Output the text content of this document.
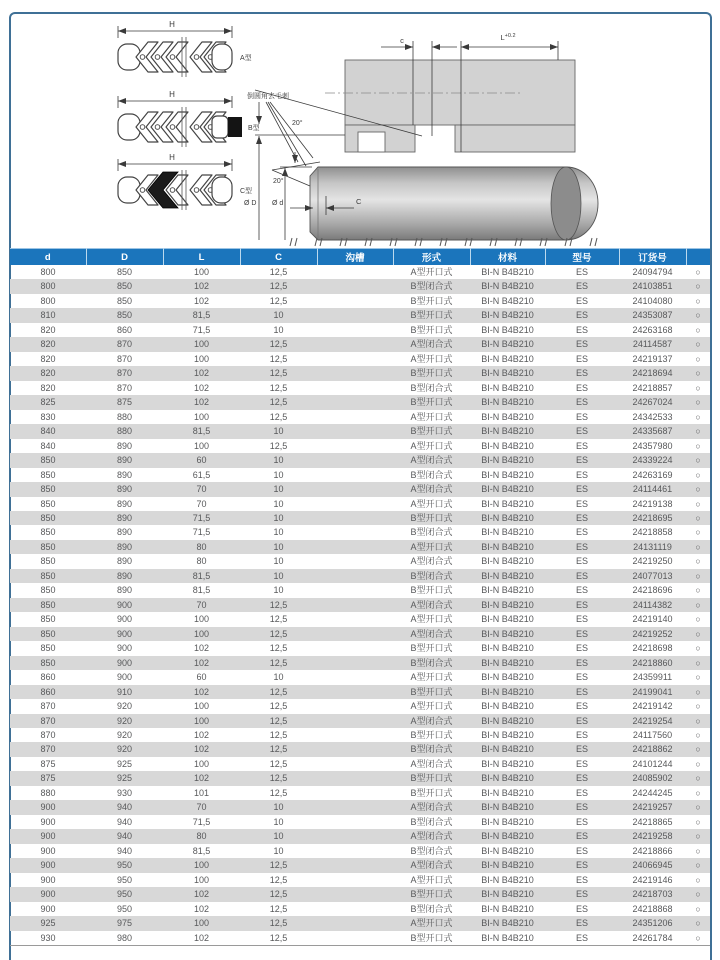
H
A型
H
B型
H
C型
20°
c	$L^{+0.2}$
倒圆角去毛刺
20°
Ø D Ø d	C
d	D	L	C	沟槽	形式	材料	型号	订货号	
800	850	100	12,5		A型开口式	BI-N B4B210	ES	24094794	○
800	850	102	12,5		B型闭合式	BI-N B4B210	ES	24103851	○
800	850	102	12,5		B型开口式	BI-N B4B210	ES	24104080	○
810	850	81,5	10		B型开口式	BI-N B4B210	ES	24353087	○
820	860	71,5	10		B型开口式	BI-N B4B210	ES	24263168	○
820	870	100	12,5		A型闭合式	BI-N B4B210	ES	24114587	○
820	870	100	12,5		A型开口式	BI-N B4B210	ES	24219137	○
820	870	102	12,5		B型开口式	BI-N B4B210	ES	24218694	○
820	870	102	12,5		B型闭合式	BI-N B4B210	ES	24218857	○
825	875	102	12,5		B型开口式	BI-N B4B210	ES	24267024	○
830	880	100	12,5		A型开口式	BI-N B4B210	ES	24342533	○
840	880	81,5	10		B型开口式	BI-N B4B210	ES	24335687	○
840	890	100	12,5		A型开口式	BI-N B4B210	ES	24357980	○
850	890	60	10		A型闭合式	BI-N B4B210	ES	24339224	○
850	890	61,5	10		B型闭合式	BI-N B4B210	ES	24263169	○
850	890	70	10		A型闭合式	BI-N B4B210	ES	24114461	○
850	890	70	10		A型开口式	BI-N B4B210	ES	24219138	○
850	890	71,5	10		B型开口式	BI-N B4B210	ES	24218695	○
850	890	71,5	10		B型闭合式	BI-N B4B210	ES	24218858	○
850	890	80	10		A型开口式	BI-N B4B210	ES	24131119	○
850	890	80	10		A型闭合式	BI-N B4B210	ES	24219250	○
850	890	81,5	10		B型闭合式	BI-N B4B210	ES	24077013	○
850	890	81,5	10		B型开口式	BI-N B4B210	ES	24218696	○
850	900	70	12,5		A型闭合式	BI-N B4B210	ES	24114382	○
850	900	100	12,5		A型开口式	BI-N B4B210	ES	24219140	○
850	900	100	12,5		A型闭合式	BI-N B4B210	ES	24219252	○
850	900	102	12,5		B型开口式	BI-N B4B210	ES	24218698	○
850	900	102	12,5		B型闭合式	BI-N B4B210	ES	24218860	○
860	900	60	10		A型开口式	BI-N B4B210	ES	24359911	○
860	910	102	12,5		B型开口式	BI-N B4B210	ES	24199041	○
870	920	100	12,5		A型开口式	BI-N B4B210	ES	24219142	○
870	920	100	12,5		A型闭合式	BI-N B4B210	ES	24219254	○
870	920	102	12,5		B型开口式	BI-N B4B210	ES	24117560	○
870	920	102	12,5		B型闭合式	BI-N B4B210	ES	24218862	○
875	925	100	12,5		A型闭合式	BI-N B4B210	ES	24101244	○
875	925	102	12,5		B型开口式	BI-N B4B210	ES	24085902	○
880	930	101	12,5		B型开口式	BI-N B4B210	ES	24244245	○
900	940	70	10		A型闭合式	BI-N B4B210	ES	24219257	○
900	940	71,5	10		B型闭合式	BI-N B4B210	ES	24218865	○
900	940	80	10		A型闭合式	BI-N B4B210	ES	24219258	○
900	940	81,5	10		B型闭合式	BI-N B4B210	ES	24218866	○
900	950	100	12,5		A型闭合式	BI-N B4B210	ES	24066945	○
900	950	100	12,5		A型开口式	BI-N B4B210	ES	24219146	○
900	950	102	12,5		B型开口式	BI-N B4B210	ES	24218703	○
900	950	102	12,5		B型闭合式	BI-N B4B210	ES	24218868	○
925	975	100	12,5		A型开口式	BI-N B4B210	ES	24351206	○
930	980	102	12,5		B型开口式	BI-N B4B210	ES	24261784	○
